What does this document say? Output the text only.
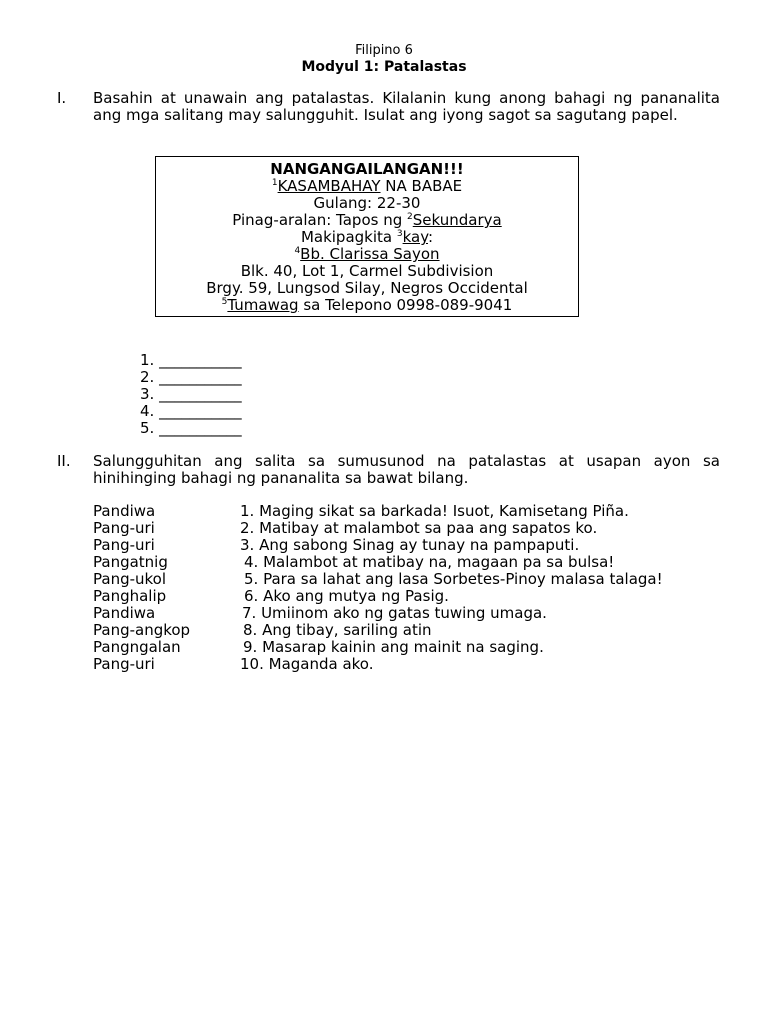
Filipino 6
Modyul 1: Patalastas
I. Basahin at unawain ang patalastas. Kilalanin kung anong bahagi ng pananalita
ang mga salitang may salungguhit. Isulat ang iyong sagot sa sagutang papel.
NANGANGAILANGAN!!!
$^1$KASAMBAHAY NA BABAE
Gulang: 22-30
Pinag-aralan: Tapos ng $^2$Sekundarya
Makipagkita $^3$kay:
$^4$Bb. Clarissa Sayon
Blk. 40, Lot 1, Carmel Subdivision
Brgy. 59, Lungsod Silay, Negros Occidental
$^5$Tumawag sa Telepono 0998-089-9041
1. ___________
2. ___________
3. ___________
4. ___________
5. ___________
II. Salungguhitan ang salita sa sumusunod na patalastas at usapan ayon sa
hinihinging bahagi ng pananalita sa bawat bilang.
Pandiwa	1. Maging sikat sa barkada! Isuot, Kamisetang Piña.
Pang-uri	2. Matibay at malambot sa paa ang sapatos ko.
Pang-uri	3. Ang sabong Sinag ay tunay na pampaputi.
Pangatnig	4. Malambot at matibay na, magaan pa sa bulsa!
Pang-ukol	5. Para sa lahat ang lasa Sorbetes-Pinoy malasa talaga!
Panghalip	6. Ako ang mutya ng Pasig.
Pandiwa	7. Umiinom ako ng gatas tuwing umaga.
Pang-angkop	8. Ang tibay, sariling atin
Pangngalan	9. Masarap kainin ang mainit na saging.
Pang-uri	10. Maganda ako.
